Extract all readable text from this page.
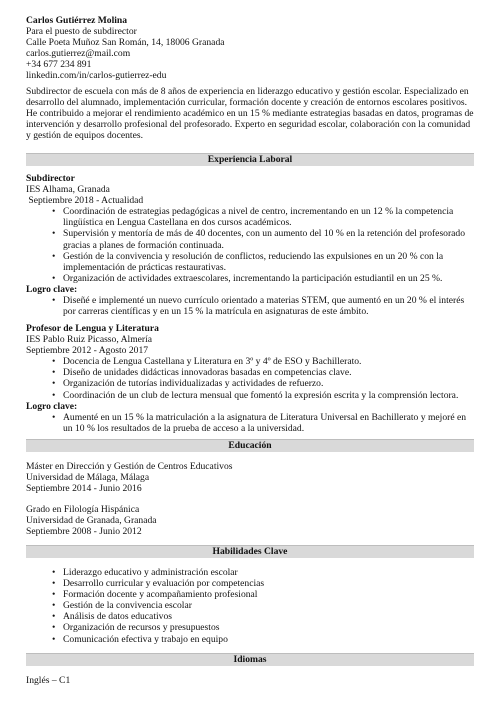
Carlos Gutiérrez Molina

Para el puesto de subdirector

Calle Poeta Muñoz San Román, 14, 18006 Granada

carlos.gutierrez@mail.com

+34 677 234 891

linkedin.com/in/carlos-gutierrez-edu

Subdirector de escuela con más de 8 años de experiencia en liderazgo educativo y gestión escolar. Especializado en desarrollo del alumnado, implementación curricular, formación docente y creación de entornos escolares positivos. He contribuido a mejorar el rendimiento académico en un 15 % mediante estrategias basadas en datos, programas de intervención y desarrollo profesional del profesorado. Experto en seguridad escolar, colaboración con la comunidad y gestión de equipos docentes.

Experiencia Laboral

Subdirector

IES Alhama, Granada

Septiembre 2018 - Actualidad

• Coordinación de estrategias pedagógicas a nivel de centro, incrementando en un 12 % la competencia lingüística en Lengua Castellana en dos cursos académicos.
• Supervisión y mentoría de más de 40 docentes, con un aumento del 10 % en la retención del profesorado gracias a planes de formación continuada.
• Gestión de la convivencia y resolución de conflictos, reduciendo las expulsiones en un 20 % con la implementación de prácticas restaurativas.
• Organización de actividades extraescolares, incrementando la participación estudiantil en un 25 %.

Logro clave:

• Diseñé e implementé un nuevo currículo orientado a materias STEM, que aumentó en un 20 % el interés por carreras científicas y en un 15 % la matrícula en asignaturas de este ámbito.

Profesor de Lengua y Literatura

IES Pablo Ruiz Picasso, Almería

Septiembre 2012 - Agosto 2017

• Docencia de Lengua Castellana y Literatura en 3º y 4º de ESO y Bachillerato.
• Diseño de unidades didácticas innovadoras basadas en competencias clave.
• Organización de tutorías individualizadas y actividades de refuerzo.
• Coordinación de un club de lectura mensual que fomentó la expresión escrita y la comprensión lectora.

Logro clave:

• Aumenté en un 15 % la matriculación a la asignatura de Literatura Universal en Bachillerato y mejoré en un 10 % los resultados de la prueba de acceso a la universidad.
Educación

Máster en Dirección y Gestión de Centros Educativos

Universidad de Málaga, Málaga

Septiembre 2014 - Junio 2016

Grado en Filología Hispánica

Universidad de Granada, Granada

Septiembre 2008 - Junio 2012

Habilidades Clave
• Liderazgo educativo y administración escolar
• Desarrollo curricular y evaluación por competencias
• Formación docente y acompañamiento profesional
• Gestión de la convivencia escolar
• Análisis de datos educativos
• Organización de recursos y presupuestos
• Comunicación efectiva y trabajo en equipo
Idiomas

Inglés – C1
